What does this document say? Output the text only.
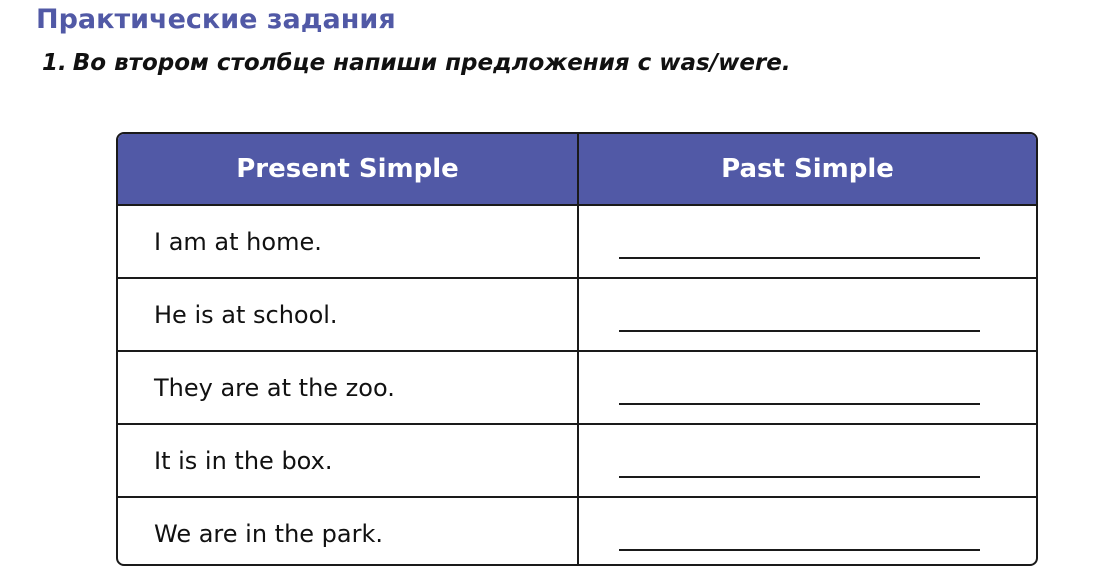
Практические задания
1. Во втором столбце напиши предложения с was/were.
Present Simple	Past Simple
I am at home.
He is at school.
They are at the zoo.
It is in the box.
We are in the park.
